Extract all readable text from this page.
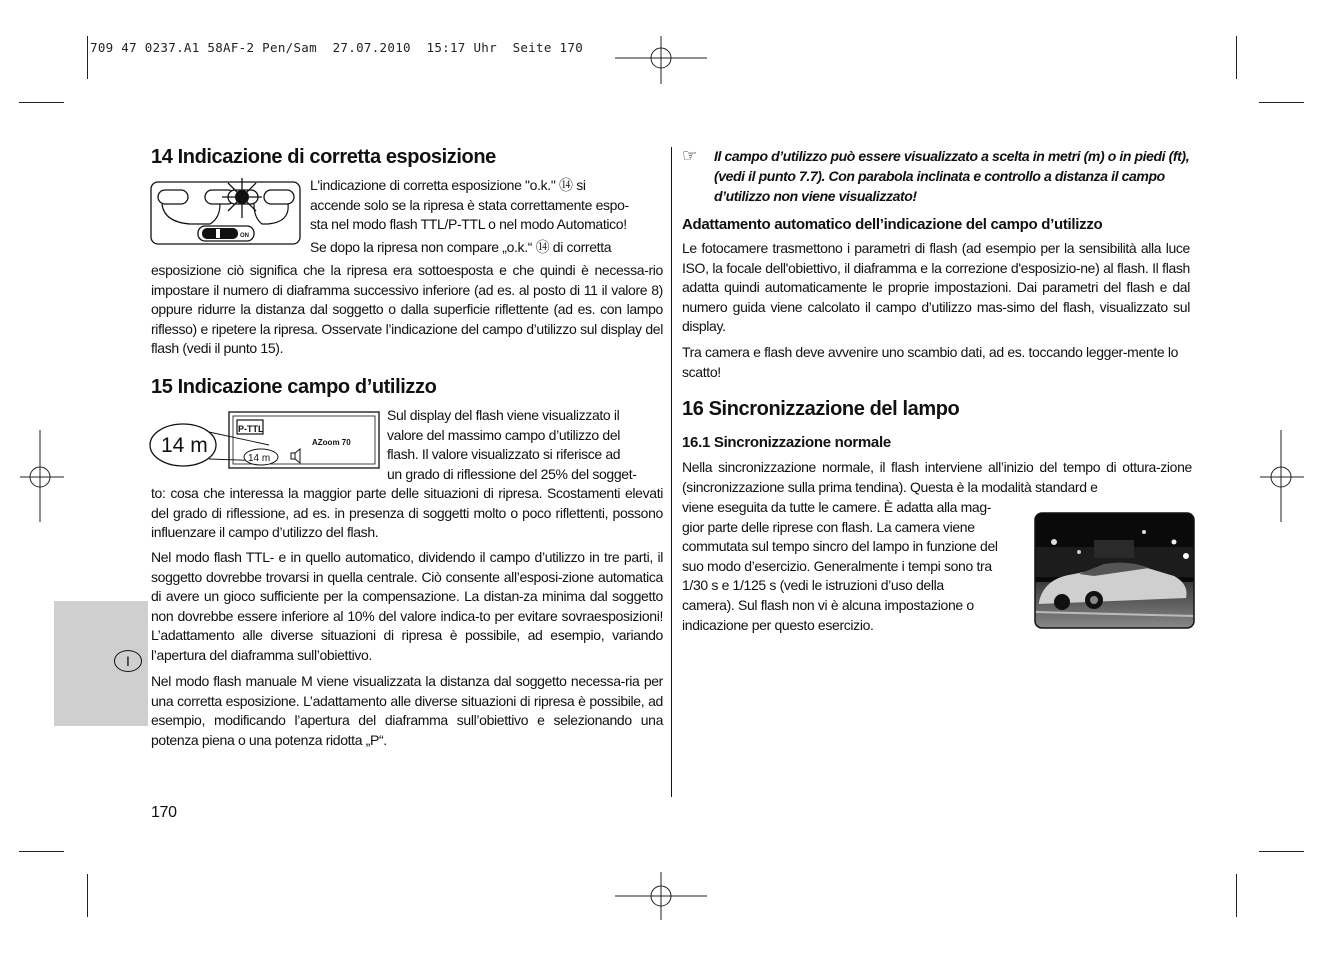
709 47 0237.A1 58AF-2 Pen/Sam  27.07.2010  15:17 Uhr  Seite 170
I
14 Indicazione di corretta esposizione
ON

L'indicazione di corretta esposizione "o.k." ⑭ si

accende solo se la ripresa è stata correttamente espo-

sta nel modo flash TTL/P-TTL o nel modo Automatico!

Se dopo la ripresa non compare „o.k.“ ⑭ di corretta

esposizione ciò significa che la ripresa era sottoesposta e che quindi è necessa-rio impostare il numero di diaframma successivo inferiore (ad es. al posto di 11 il valore 8) oppure ridurre la distanza dal soggetto o dalla superficie riflettente (ad es. con lampo riflesso) e ripetere la ripresa. Osservate l’indicazione del campo d’utilizzo sul display del flash (vedi il punto 15).
15 Indicazione campo d’utilizzo
14 m
P-TTL
AZoom 70
14 m

Sul display del flash viene visualizzato il

valore del massimo campo d’utilizzo del

flash. Il valore visualizzato si riferisce ad

un grado di riflessione del 25% del sogget-

to: cosa che interessa la maggior parte delle situazioni di ripresa. Scostamenti elevati del grado di riflessione, ad es. in presenza di soggetti molto o poco riflettenti, possono influenzare il campo d’utilizzo del flash.
Nel modo flash TTL- e in quello automatico, dividendo il campo d’utilizzo in tre parti, il soggetto dovrebbe trovarsi in quella centrale. Ciò consente all’esposi-zione automatica di avere un gioco sufficiente per la compensazione. La distan-za minima dal soggetto non dovrebbe essere inferiore al 10% del valore indica-to per evitare sovraesposizioni! L’adattamento alle diverse situazioni di ripresa è possibile, ad esempio, variando l’apertura del diaframma sull’obiettivo.
Nel modo flash manuale M viene visualizzata la distanza dal soggetto necessa-ria per una corretta esposizione. L’adattamento alle diverse situazioni di ripresa è possibile, ad esempio, modificando l’apertura del diaframma sull’obiettivo e selezionando una potenza piena o una potenza ridotta „P“.
170
☞ Il campo d’utilizzo può essere visualizzato a scelta in metri (m) o in piedi (ft), (vedi il punto 7.7). Con parabola inclinata e controllo a distanza il campo d’utilizzo non viene visualizzato!
Adattamento automatico dell’indicazione del campo d’utilizzo
Le fotocamere trasmettono i parametri di flash (ad esempio per la sensibilità alla luce ISO, la focale dell'obiettivo, il diaframma e la correzione d'esposizio-ne) al flash. Il flash adatta quindi automaticamente le proprie impostazioni. Dai parametri del flash e dal numero guida viene calcolato il campo d’utilizzo mas-simo del flash, visualizzato sul display.
Tra camera e flash deve avvenire uno scambio dati, ad es. toccando legger-mente lo scatto!
16 Sincronizzazione del lampo
16.1 Sincronizzazione normale
Nella sincronizzazione normale, il flash interviene all’inizio del tempo di ottura-zione (sincronizzazione sulla prima tendina). Questa è la modalità standard e

viene eseguita da tutte le camere. È adatta alla mag-

gior parte delle riprese con flash. La camera viene

commutata sul tempo sincro del lampo in funzione del

suo modo d’esercizio. Generalmente i tempi sono tra

1/30 s e 1/125 s (vedi le istruzioni d’uso della

camera). Sul flash non vi è alcuna impostazione o

indicazione per questo esercizio.
